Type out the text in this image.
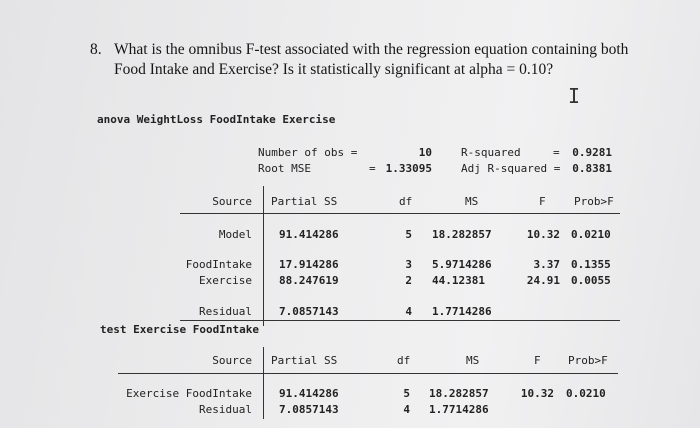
8. What is the omnibus F-test associated with the regression equation containing both
Food Intake and Exercise? Is it statistically significant at alpha = 0.10?
I
anova WeightLoss FoodIntake Exercise
Number of obs =	10
Root MSE	= 1.33095
R-squared	=	0.9281
Adj R-squared =	0.8381
Source Partial SS	df	MS	F	Prob>F
Model 91.414286	5 18.282857	10.32 0.0210
FoodIntake 17.914286	3 5.9714286	3.37 0.1355
Exercise 88.247619	2 44.12381	24.91 0.0055
Residual 7.0857143	4 1.7714286
test Exercise FoodIntake
Source Partial SS	df	MS	F Prob>F
Exercise FoodIntake 91.414286	5 18.282857	10.32 0.0210
Residual 7.0857143	4 1.7714286
